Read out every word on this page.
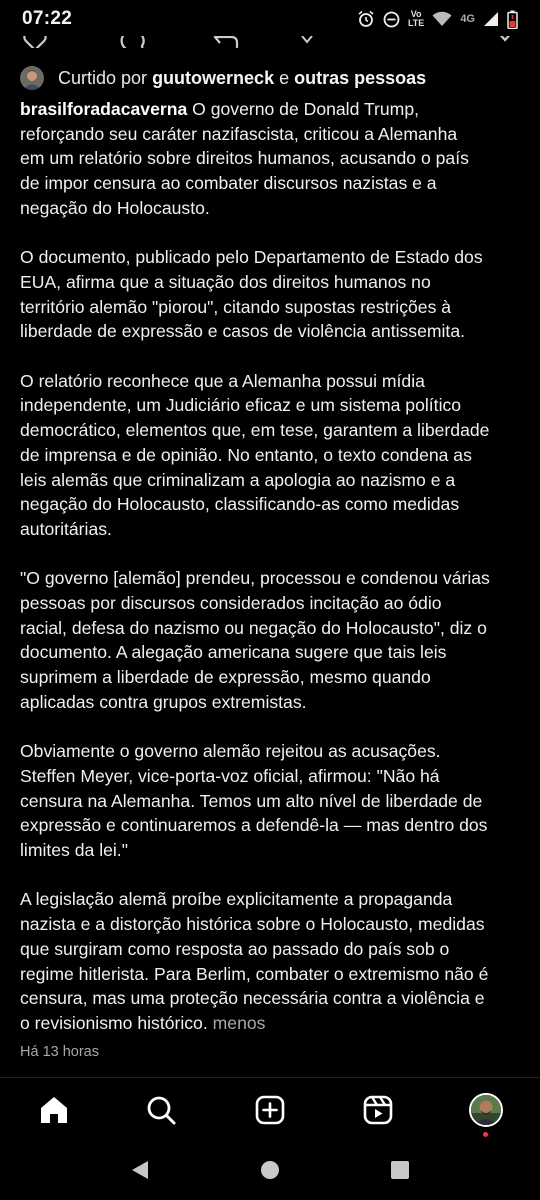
07:22	Vo
LTE	4G
Curtido por guutowerneck e outras pessoas

brasilforadacaverna O governo de Donald Trump,
reforçando seu caráter nazifascista, criticou a Alemanha
em um relatório sobre direitos humanos, acusando o país
de impor censura ao combater discursos nazistas e a
negação do Holocausto.

O documento, publicado pelo Departamento de Estado dos
EUA, afirma que a situação dos direitos humanos no
território alemão "piorou", citando supostas restrições à
liberdade de expressão e casos de violência antissemita.

O relatório reconhece que a Alemanha possui mídia
independente, um Judiciário eficaz e um sistema político
democrático, elementos que, em tese, garantem a liberdade
de imprensa e de opinião. No entanto, o texto condena as
leis alemãs que criminalizam a apologia ao nazismo e a
negação do Holocausto, classificando-as como medidas
autoritárias.

"O governo [alemão] prendeu, processou e condenou várias
pessoas por discursos considerados incitação ao ódio
racial, defesa do nazismo ou negação do Holocausto", diz o
documento. A alegação americana sugere que tais leis
suprimem a liberdade de expressão, mesmo quando
aplicadas contra grupos extremistas.

Obviamente o governo alemão rejeitou as acusações.
Steffen Meyer, vice-porta-voz oficial, afirmou: "Não há
censura na Alemanha. Temos um alto nível de liberdade de
expressão e continuaremos a defendê-la — mas dentro dos
limites da lei."

A legislação alemã proíbe explicitamente a propaganda
nazista e a distorção histórica sobre o Holocausto, medidas
que surgiram como resposta ao passado do país sob o
regime hitlerista. Para Berlim, combater o extremismo não é
censura, mas uma proteção necessária contra a violência e
o revisionismo histórico. menos

Há 13 horas
